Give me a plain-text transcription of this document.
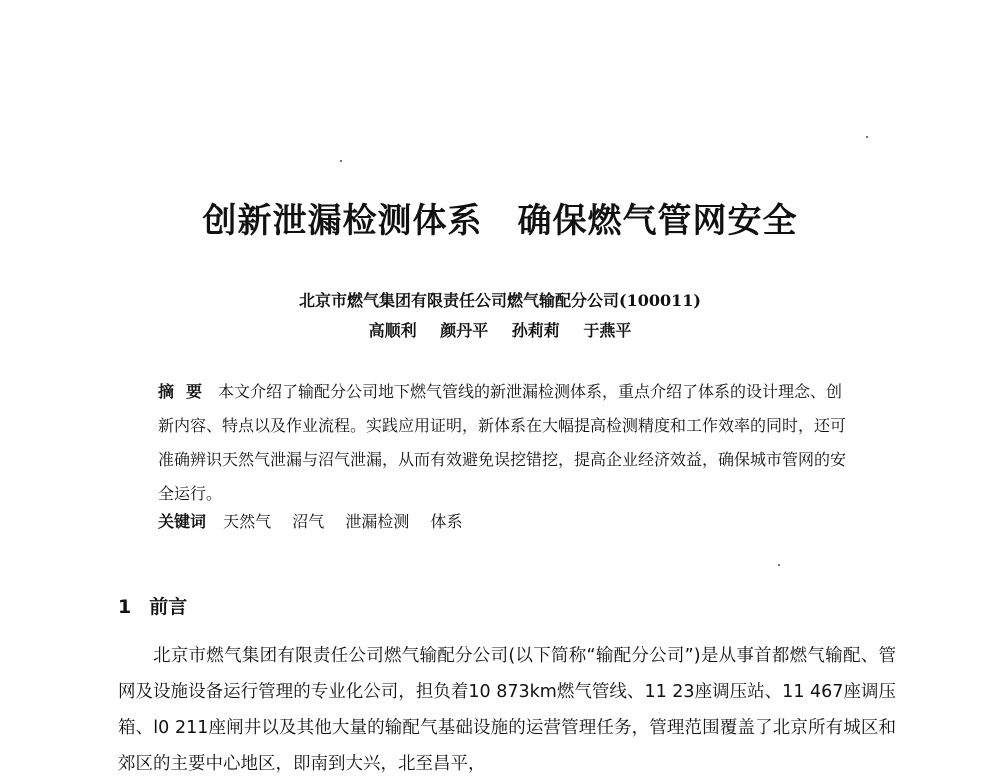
创新泄漏检测体系　确保燃气管网安全
北京市燃气集团有限责任公司燃气输配分公司(100011)
高顺利 颜丹平 孙莉莉 于燕平
摘要 本文介绍了输配分公司地下燃气管线的新泄漏检测体系，重点介绍了体系的设计理念、创新内容、特点以及作业流程。实践应用证明，新体系在大幅提高检测精度和工作效率的同时，还可准确辨识天然气泄漏与沼气泄漏，从而有效避免误挖错挖，提高企业经济效益，确保城市管网的安全运行。
关键词 天然气 沼气 泄漏检测 体系
1 前言

北京市燃气集团有限责任公司燃气输配分公司(以下简称“输配分公司”)是从事首都燃气输配、管网及设施设备运行管理的专业化公司，担负着10 873km燃气管线、11 23座调压站、11 467座调压箱、l0 211座闸井以及其他大量的输配气基础设施的运营管理任务，管理范围覆盖了北京所有城区和郊区的主要中心地区，即南到大兴，北至昌平，
